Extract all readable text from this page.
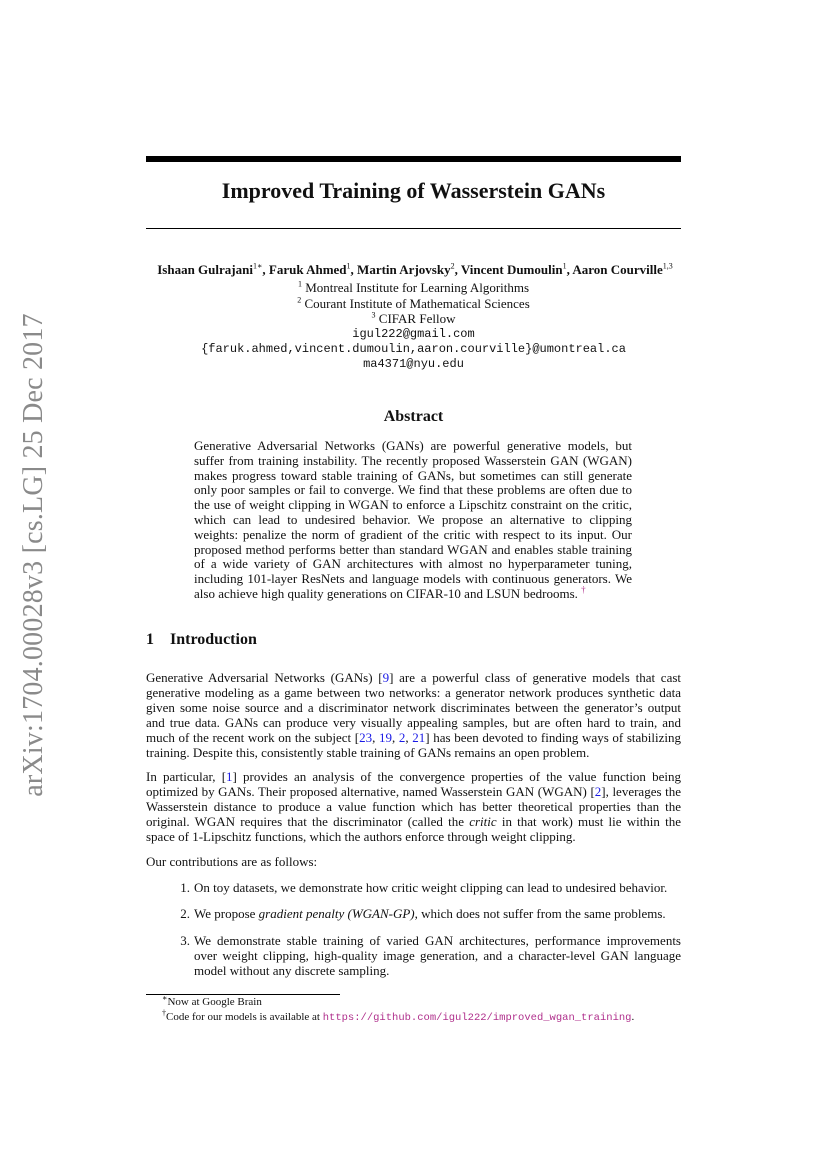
arXiv:1704.00028v3 [cs.LG] 25 Dec 2017
Improved Training of Wasserstein GANs
Ishaan Gulrajani$^{1∗}$, Faruk Ahmed$^1$, Martin Arjovsky$^2$, Vincent Dumoulin$^1$, Aaron Courville$^{1,3}$
$^1$ Montreal Institute for Learning Algorithms
$^2$ Courant Institute of Mathematical Sciences
$^3$ CIFAR Fellow
igul222@gmail.com
{faruk.ahmed,vincent.dumoulin,aaron.courville}@umontreal.ca
ma4371@nyu.edu
Abstract
Generative Adversarial Networks (GANs) are powerful generative models, but suffer from training instability. The recently proposed Wasserstein GAN (WGAN) makes progress toward stable training of GANs, but sometimes can still generate only poor samples or fail to converge. We find that these problems are often due to the use of weight clipping in WGAN to enforce a Lipschitz constraint on the critic, which can lead to undesired behavior. We propose an alternative to clipping weights: penalize the norm of gradient of the critic with respect to its input. Our proposed method performs better than standard WGAN and enables stable training of a wide variety of GAN architectures with almost no hyperparameter tuning, including 101-layer ResNets and language models with continuous generators. We also achieve high quality generations on CIFAR-10 and LSUN bedrooms. †
1 Introduction

Generative Adversarial Networks (GANs) [9] are a powerful class of generative models that cast generative modeling as a game between two networks: a generator network produces synthetic data given some noise source and a discriminator network discriminates between the generator’s output and true data. GANs can produce very visually appealing samples, but are often hard to train, and much of the recent work on the subject [23, 19, 2, 21] has been devoted to finding ways of stabilizing training. Despite this, consistently stable training of GANs remains an open problem.

In particular, [1] provides an analysis of the convergence properties of the value function being optimized by GANs. Their proposed alternative, named Wasserstein GAN (WGAN) [2], leverages the Wasserstein distance to produce a value function which has better theoretical properties than the original. WGAN requires that the discriminator (called the critic in that work) must lie within the space of 1-Lipschitz functions, which the authors enforce through weight clipping.

Our contributions are as follows:

1. On toy datasets, we demonstrate how critic weight clipping can lead to undesired behavior.
2. We propose gradient penalty (WGAN-GP), which does not suffer from the same problems.
3. We demonstrate stable training of varied GAN architectures, performance improvements over weight clipping, high-quality image generation, and a character-level GAN language model without any discrete sampling.
∗Now at Google Brain
†Code for our models is available at https://github.com/igul222/improved_wgan_training.
